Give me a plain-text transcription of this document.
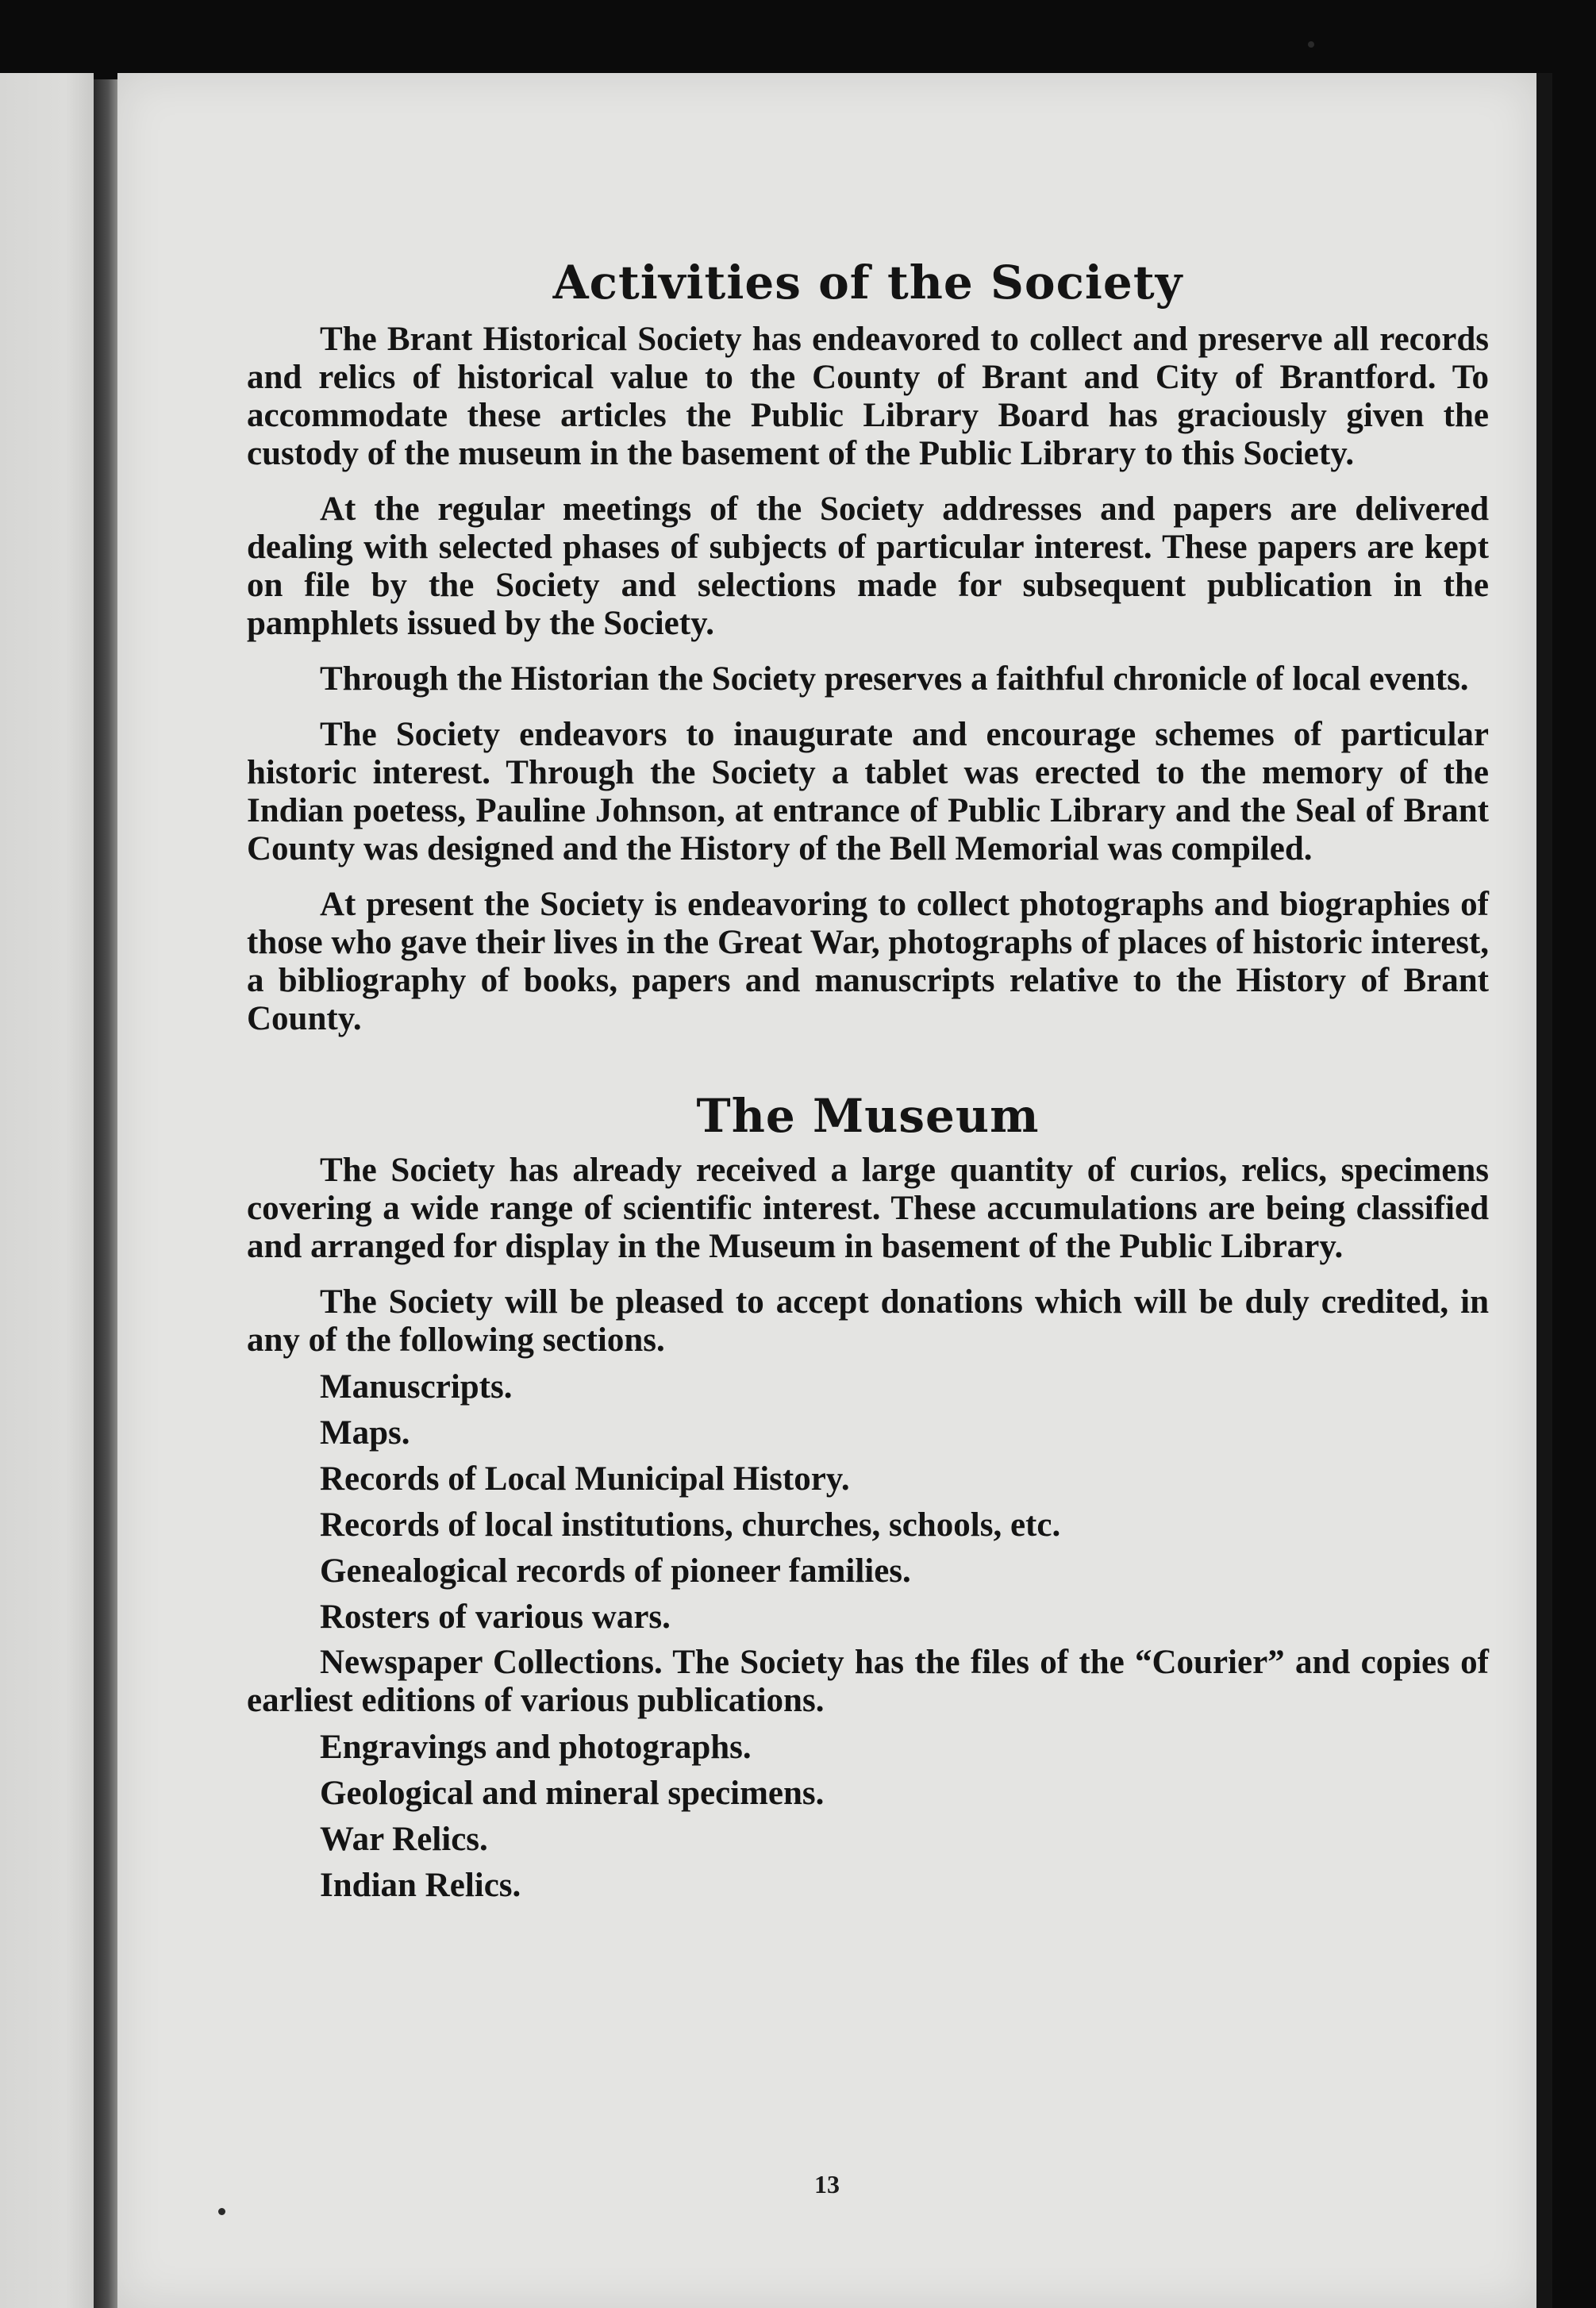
Activities of the Society

The Brant Historical Society has endeavored to collect and preserve all records and relics of historical value to the County of Brant and City of Brantford. To accommodate these articles the Public Library Board has graciously given the custody of the museum in the basement of the Public Library to this Society.

At the regular meetings of the Society addresses and papers are delivered dealing with selected phases of subjects of particular interest. These papers are kept on file by the Society and selections made for subsequent publication in the pamphlets issued by the Society.

Through the Historian the Society preserves a faithful chronicle of local events.

The Society endeavors to inaugurate and encourage schemes of particular historic interest. Through the Society a tablet was erected to the memory of the Indian poetess, Pauline Johnson, at entrance of Public Library and the Seal of Brant County was designed and the History of the Bell Memorial was compiled.

At present the Society is endeavoring to collect photographs and biographies of those who gave their lives in the Great War, photographs of places of historic interest, a bibliography of books, papers and manuscripts relative to the History of Brant County.

The Museum

The Society has already received a large quantity of curios, relics, specimens covering a wide range of scientific interest. These accumulations are being classified and arranged for display in the Museum in basement of the Public Library.

The Society will be pleased to accept donations which will be duly credited, in any of the following sections.

Manuscripts.

Maps.

Records of Local Municipal History.

Records of local institutions, churches, schools, etc.

Genealogical records of pioneer families.

Rosters of various wars.

Newspaper Collections. The Society has the files of the “Courier” and copies of earliest editions of various publications.

Engravings and photographs.

Geological and mineral specimens.

War Relics.

Indian Relics.

13
